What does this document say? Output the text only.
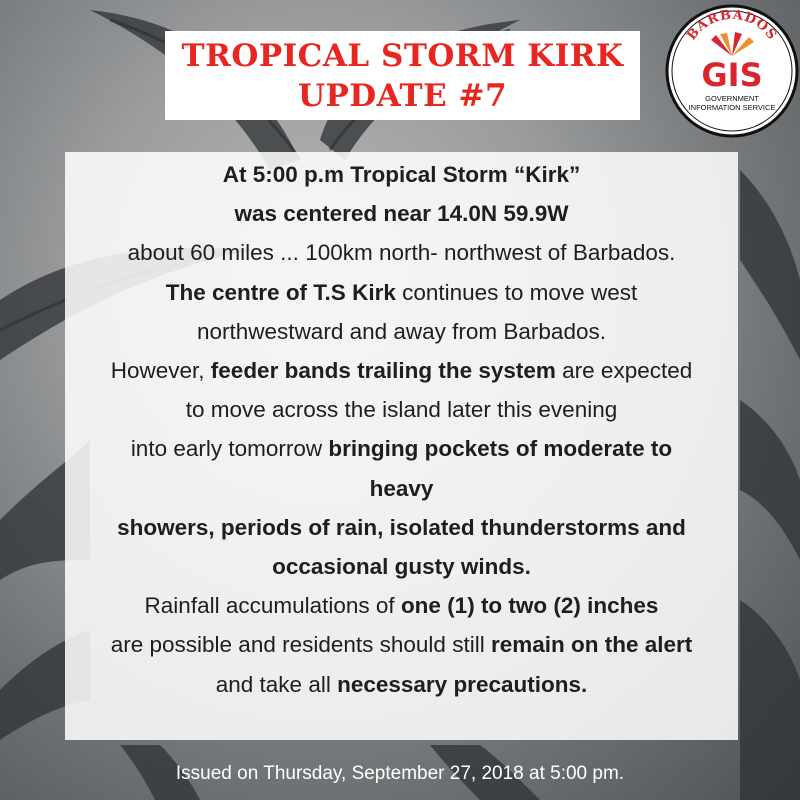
TROPICAL STORM KIRK
UPDATE #7
BARBADOS
GIS
GOVERNMENT
INFORMATION SERVICE
At 5:00 p.m Tropical Storm “Kirk”
was centered near 14.0N 59.9W
about 60 miles ... 100km north- northwest of Barbados.
The centre of T.S Kirk continues to move west
northwestward and away from Barbados.
However, feeder bands trailing the system are expected
to move across the island later this evening
into early tomorrow bringing pockets of moderate to
heavy
showers, periods of rain, isolated thunderstorms and
occasional gusty winds.
Rainfall accumulations of one (1) to two (2) inches
are possible and residents should still remain on the alert
and take all necessary precautions.
Issued on Thursday, September 27, 2018 at 5:00 pm.
